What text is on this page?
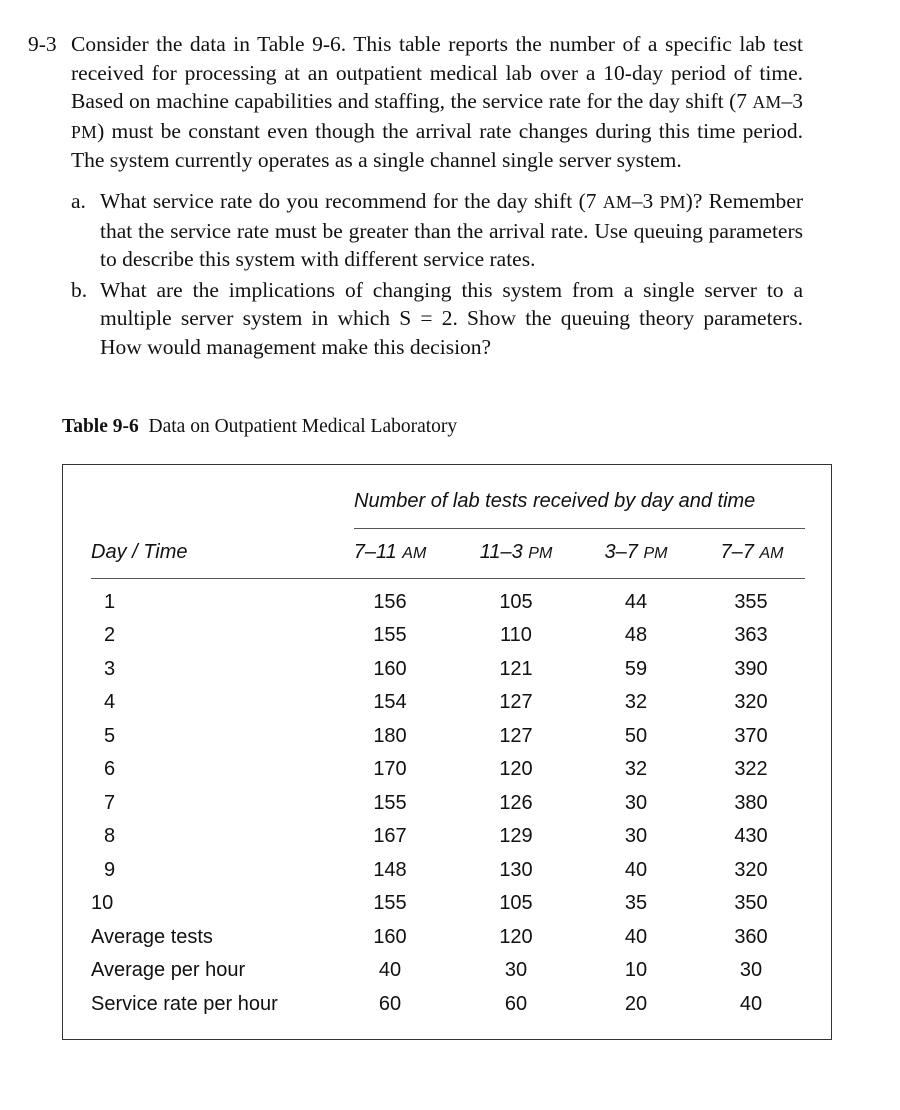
9-3 Consider the data in Table 9-6. This table reports the number of a specific lab test received for processing at an outpatient medical lab over a 10-day period of time. Based on machine capabilities and staffing, the service rate for the day shift (7 AM–3 PM) must be constant even though the arrival rate changes during this time period. The system currently operates as a single channel single server system.
a. What service rate do you recommend for the day shift (7 AM–3 PM)? Remember that the service rate must be greater than the arrival rate. Use queuing parameters to describe this system with different service rates.
b. What are the implications of changing this system from a single server to a multiple server system in which S = 2. Show the queuing theory parameters. How would management make this decision?
Table 9-6 Data on Outpatient Medical Laboratory
Number of lab tests received by day and time
Day / Time	7–11 AM	11–3 PM	3–7 PM	7–7 AM
1	156	105	44	355
2	155	110	48	363
3	160	121	59	390
4	154	127	32	320
5	180	127	50	370
6	170	120	32	322
7	155	126	30	380
8	167	129	30	430
9	148	130	40	320
10	155	105	35	350
Average tests	160	120	40	360
Average per hour	40	30	10	30
Service rate per hour	60	60	20	40
